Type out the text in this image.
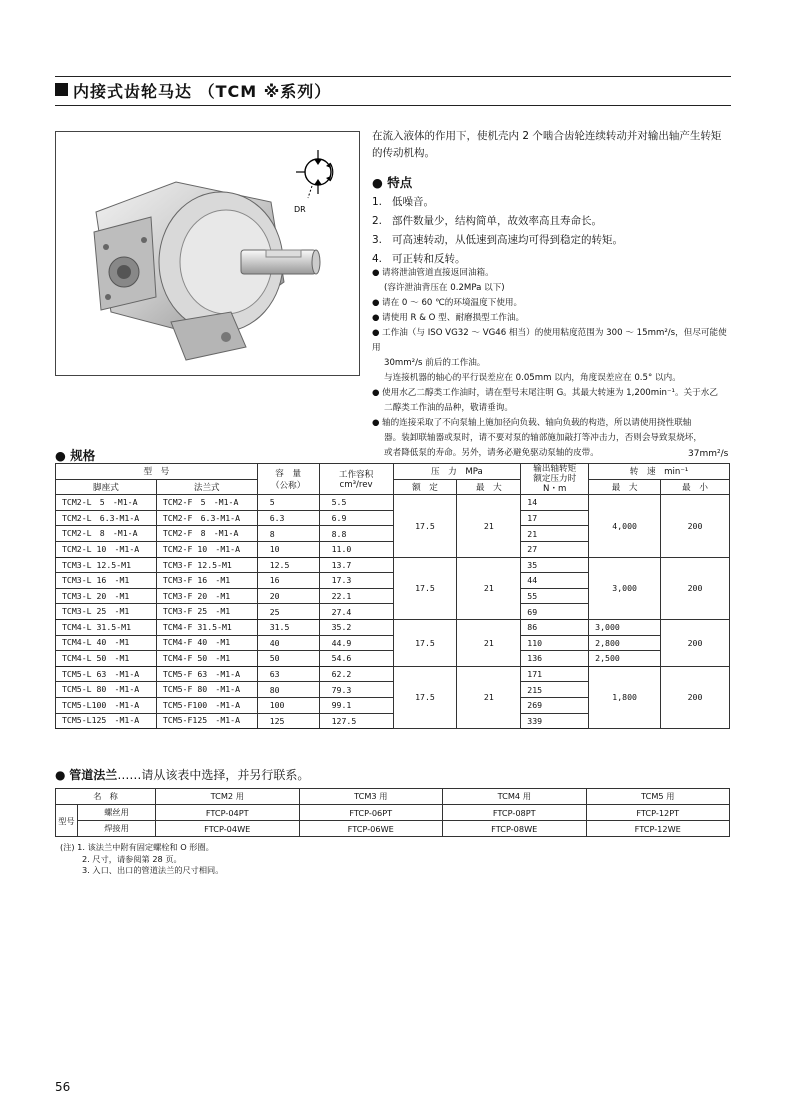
内接式齿轮马达 （TCM ※系列）
DR
在流入液体的作用下，使机壳内 2 个啮合齿轮连续转动并对输出轴产生转矩的传动机构。
● 特点
1. 低噪音。
2. 部件数量少，结构简单，故效率高且寿命长。
3. 可高速转动，从低速到高速均可得到稳定的转矩。
4. 可正转和反转。
● 请将泄油管道直接返回油箱。
(容许泄油背压在 0.2MPa 以下)
● 请在 0 ～ 60 ℃的环境温度下使用。
● 请使用 R & O 型、耐磨损型工作油。
● 工作油（与 ISO VG32 ～ VG46 相当）的使用粘度范围为 300 ～ 15mm²/s，但尽可能使用
30mm²/s 前后的工作油。
与连接机器的轴心的平行误差应在 0.05mm 以内，角度误差应在 0.5° 以内。
● 使用水乙二醇类工作油时，请在型号末尾注明 G。其最大转速为 1,200min⁻¹。关于水乙
二醇类工作油的品种，敬请垂询。
● 轴的连接采取了不向泵轴上施加径向负载、轴向负载的构造，所以请使用挠性联轴
器。装卸联轴器或泵时，请不要对泵的轴部施加敲打等冲击力，否则会导致泵烧坏，
或者降低泵的寿命。另外，请务必避免驱动泵轴的皮带。
● 规格	37mm²/s
型　号		容　量
（公称）	工作容积
cm³/rev	压　力　MPa		输出轴转矩
额定压力时
N・m	转　速　min⁻¹	
脚座式	法兰式			额　定	最　大		最　大	最　小
TCM2-L　5　-M1-A	TCM2-F　5　-M1-A	5	5.5	17.5	21	14	4,000	200
TCM2-L　6.3-M1-A	TCM2-F　6.3-M1-A	6.3	6.9			17		
TCM2-L　8　-M1-A	TCM2-F　8　-M1-A	8	8.8			21		
TCM2-L 10　-M1-A	TCM2-F 10　-M1-A	10	11.0			27		
TCM3-L 12.5-M1	TCM3-F 12.5-M1	12.5	13.7	17.5	21	35	3,000	200
TCM3-L 16　-M1	TCM3-F 16　-M1	16	17.3			44		
TCM3-L 20　-M1	TCM3-F 20　-M1	20	22.1			55		
TCM3-L 25　-M1	TCM3-F 25　-M1	25	27.4			69		
TCM4-L 31.5-M1	TCM4-F 31.5-M1	31.5	35.2	17.5	21	86	3,000	200
TCM4-L 40　-M1	TCM4-F 40　-M1	40	44.9			110	2,800	
TCM4-L 50　-M1	TCM4-F 50　-M1	50	54.6			136	2,500	
TCM5-L 63　-M1-A	TCM5-F 63　-M1-A	63	62.2	17.5	21	171	1,800	200
TCM5-L 80　-M1-A	TCM5-F 80　-M1-A	80	79.3			215		
TCM5-L100　-M1-A	TCM5-F100　-M1-A	100	99.1			269		
TCM5-L125　-M1-A	TCM5-F125　-M1-A	125	127.5			339		
● 管道法兰……请从该表中选择，并另行联系。
名　称		TCM2 用	TCM3 用	TCM4 用	TCM5 用
型号	螺丝用	FTCP-04PT	FTCP-06PT	FTCP-08PT	FTCP-12PT
	焊接用	FTCP-04WE	FTCP-06WE	FTCP-08WE	FTCP-12WE
(注) 1. 该法兰中附有固定螺栓和 O 形圈。
2. 尺寸，请参阅第 28 页。
3. 入口、出口的管道法兰的尺寸相同。
56
